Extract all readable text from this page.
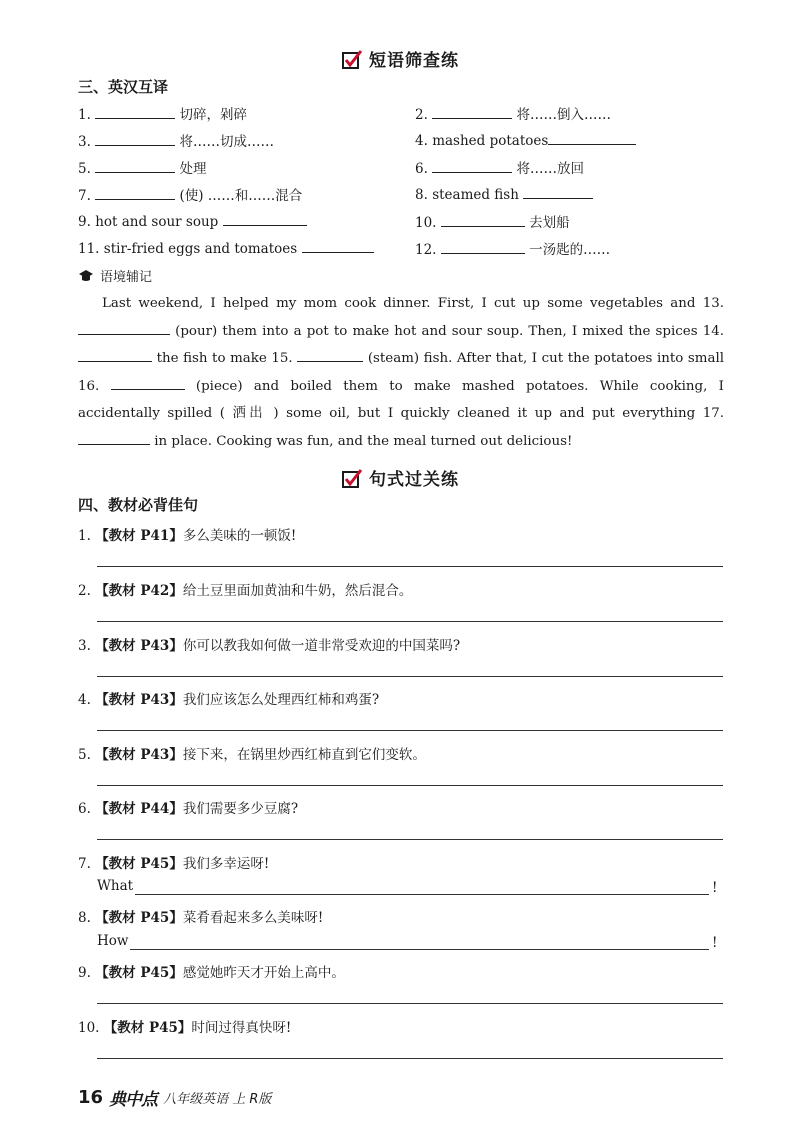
短语筛查练
三、英汉互译
1.	切碎，剁碎	2.	将……倒入……
3.	将……切成……	4. mashed potatoes
5.	处理	6.	将……放回
7.	(使) ……和……混合	8. steamed fish
9. hot and sour soup	10.	去划船
11. stir-fried eggs and tomatoes	12.	一汤匙的……
语境辅记
Last weekend, I helped my mom cook dinner. First, I cut up some vegetables and 13.  (pour) them into a pot to make hot and sour soup. Then, I mixed the spices 14.  the fish to make 15.	(steam) fish. After that, I cut the potatoes into small 16.	(piece) and boiled them to make mashed potatoes. While cooking, I accidentally spilled ( 洒出 ) some oil, but I quickly cleaned it up and put everything 17.  in place. Cooking was fun, and the meal turned out delicious!
句式过关练
四、教材必背佳句
1. 【教材 P41】多么美味的一顿饭!
2. 【教材 P42】给土豆里面加黄油和牛奶，然后混合。
3. 【教材 P43】你可以教我如何做一道非常受欢迎的中国菜吗?
4. 【教材 P43】我们应该怎么处理西红柿和鸡蛋?
5. 【教材 P43】接下来，在锅里炒西红柿直到它们变软。
6. 【教材 P44】我们需要多少豆腐?
7. 【教材 P45】我们多幸运呀!
What	!
8. 【教材 P45】菜肴看起来多么美味呀!
How	!
9. 【教材 P45】感觉她昨天才开始上高中。
10. 【教材 P45】时间过得真快呀!
16 典中点 八年级英语 上 R版
